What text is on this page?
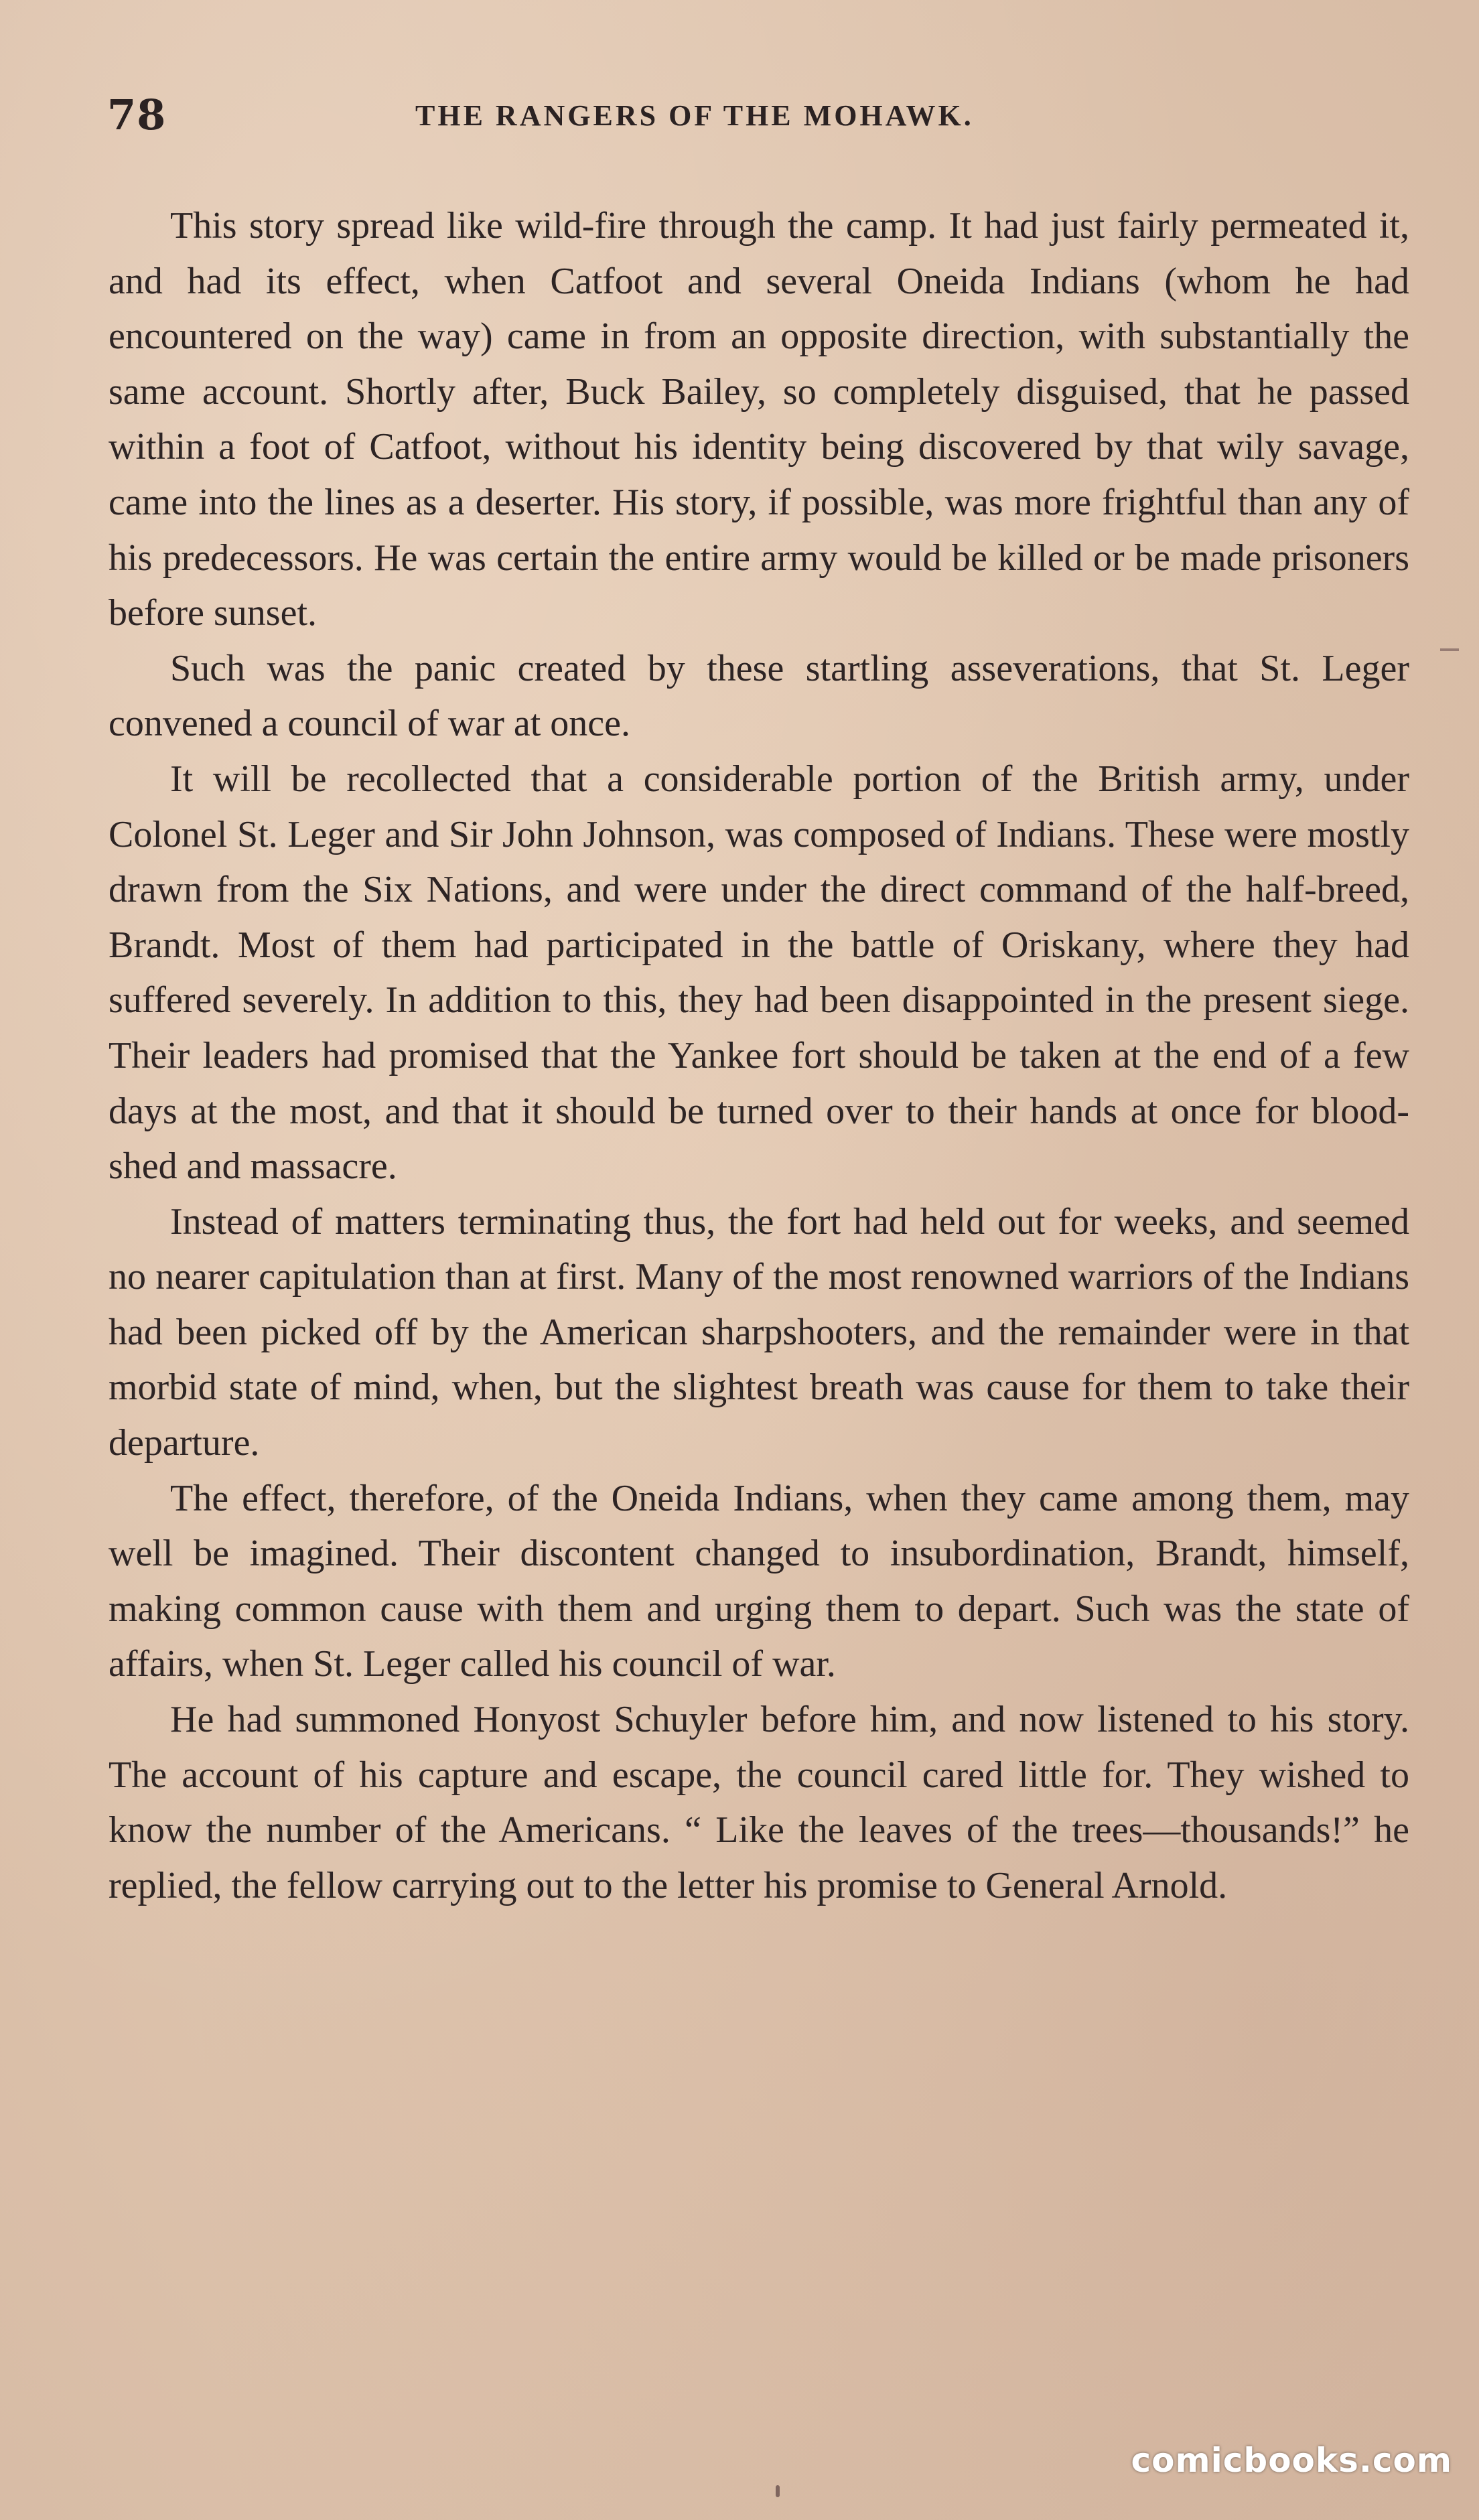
78	THE RANGERS OF THE MOHAWK.

This story spread like wild-fire through the camp. It had just fairly permeated it, and had its effect, when Catfoot and several Oneida Indians (whom he had encountered on the way) came in from an opposite direction, with substantially the same account. Shortly after, Buck Bailey, so completely disguised, that he passed within a foot of Catfoot, without his identity being discovered by that wily savage, came into the lines as a deserter. His story, if possible, was more frightful than any of his predecessors. He was certain the entire army would be killed or be made prisoners before sunset.

Such was the panic created by these startling asseverations, that St. Leger convened a council of war at once.

It will be recollected that a considerable portion of the British army, under Colonel St. Leger and Sir John Johnson, was composed of Indians. These were mostly drawn from the Six Nations, and were under the direct command of the half-breed, Brandt. Most of them had participated in the battle of Oriskany, where they had suffered severely. In addition to this, they had been disappointed in the present siege. Their leaders had promised that the Yankee fort should be taken at the end of a few days at the most, and that it should be turned over to their hands at once for blood-shed and massacre.

Instead of matters terminating thus, the fort had held out for weeks, and seemed no nearer capitulation than at first. Many of the most renowned warriors of the Indians had been picked off by the American sharpshooters, and the remainder were in that morbid state of mind, when, but the slightest breath was cause for them to take their departure.

The effect, therefore, of the Oneida Indians, when they came among them, may well be imagined. Their discontent changed to insubordination, Brandt, himself, making common cause with them and urging them to depart. Such was the state of affairs, when St. Leger called his council of war.

He had summoned Honyost Schuyler before him, and now listened to his story. The account of his capture and escape, the council cared little for. They wished to know the number of the Americans. “ Like the leaves of the trees—thousands!” he replied, the fellow carrying out to the letter his promise to General Arnold.

comicbooks.com
